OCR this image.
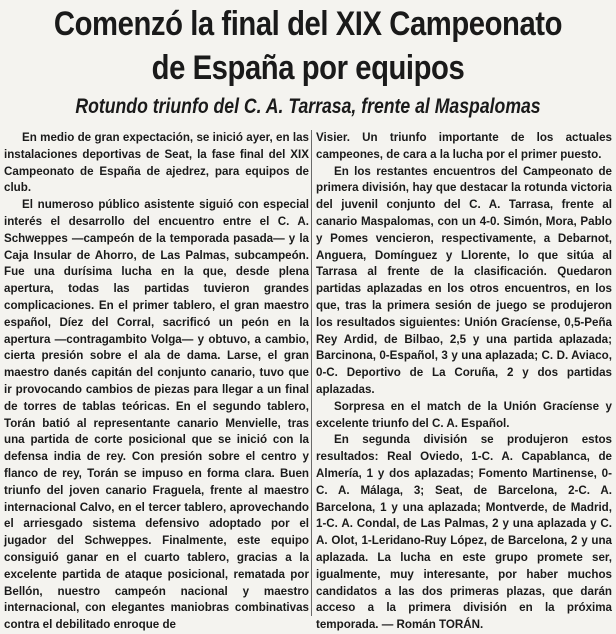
Comenzó la final del XIX Campeonato
de España por equipos
Rotundo triunfo del C. A. Tarrasa, frente al Maspalomas

En medio de gran expectación, se inició ayer, en las instalaciones deportivas de Seat, la fase final del XIX Campeonato de España de ajedrez, para equipos de club.

El numeroso público asistente siguió con especial interés el desarrollo del encuentro entre el C. A. Schweppes —campeón de la temporada pasada— y la Caja Insular de Ahorro, de Las Palmas, subcampeón. Fue una durísima lucha en la que, desde plena apertura, todas las partidas tuvieron grandes complicaciones. En el primer tablero, el gran maestro español, Díez del Corral, sacrificó un peón en la apertura —contragambito Volga— y obtuvo, a cambio, cierta presión sobre el ala de dama. Larse, el gran maestro danés capitán del conjunto canario, tuvo que ir provocando cambios de piezas para llegar a un final de torres de tablas teóricas. En el segundo tablero, Torán batió al representante canario Menvielle, tras una partida de corte posicional que se inició con la defensa india de rey. Con presión sobre el centro y flanco de rey, Torán se impuso en forma clara. Buen triunfo del joven canario Fraguela, frente al maestro internacional Calvo, en el tercer tablero, aprovechando el arriesgado sistema defensivo adoptado por el jugador del Schweppes. Finalmente, este equipo consiguió ganar en el cuarto tablero, gracias a la excelente partida de ataque posicional, rematada por Bellón, nuestro campeón nacional y maestro internacional, con elegantes maniobras combinativas contra el debilitado enroque de

Visier. Un triunfo importante de los actuales campeones, de cara a la lucha por el primer puesto.

En los restantes encuentros del Campeonato de primera división, hay que destacar la rotunda victoria del juvenil conjunto del C. A. Tarrasa, frente al canario Maspalomas, con un 4-0. Simón, Mora, Pablo y Pomes vencieron, respectivamente, a Debarnot, Anguera, Domínguez y Llorente, lo que sitúa al Tarrasa al frente de la clasificación. Quedaron partidas aplazadas en los otros encuentros, en los que, tras la primera sesión de juego se produjeron los resultados siguientes: Unión Gracíense, 0,5-Peña Rey Ardid, de Bilbao, 2,5 y una partida aplazada; Barcinona, 0-Español, 3 y una aplazada; C. D. Aviaco, 0-C. Deportivo de La Coruña, 2 y dos partidas aplazadas.

Sorpresa en el match de la Unión Gracíense y excelente triunfo del C. A. Español.

En segunda división se produjeron estos resultados: Real Oviedo, 1-C. A. Capablanca, de Almería, 1 y dos aplazadas; Fomento Martinense, 0-C. A. Málaga, 3; Seat, de Barcelona, 2-C. A. Barcelona, 1 y una aplazada; Montverde, de Madrid, 1-C. A. Condal, de Las Palmas, 2 y una aplazada y C. A. Olot, 1-Leridano-Ruy López, de Barcelona, 2 y una aplazada. La lucha en este grupo promete ser, igualmente, muy interesante, por haber muchos candidatos a las dos primeras plazas, que darán acceso a la primera división en la próxima temporada. — Román TORÁN.
